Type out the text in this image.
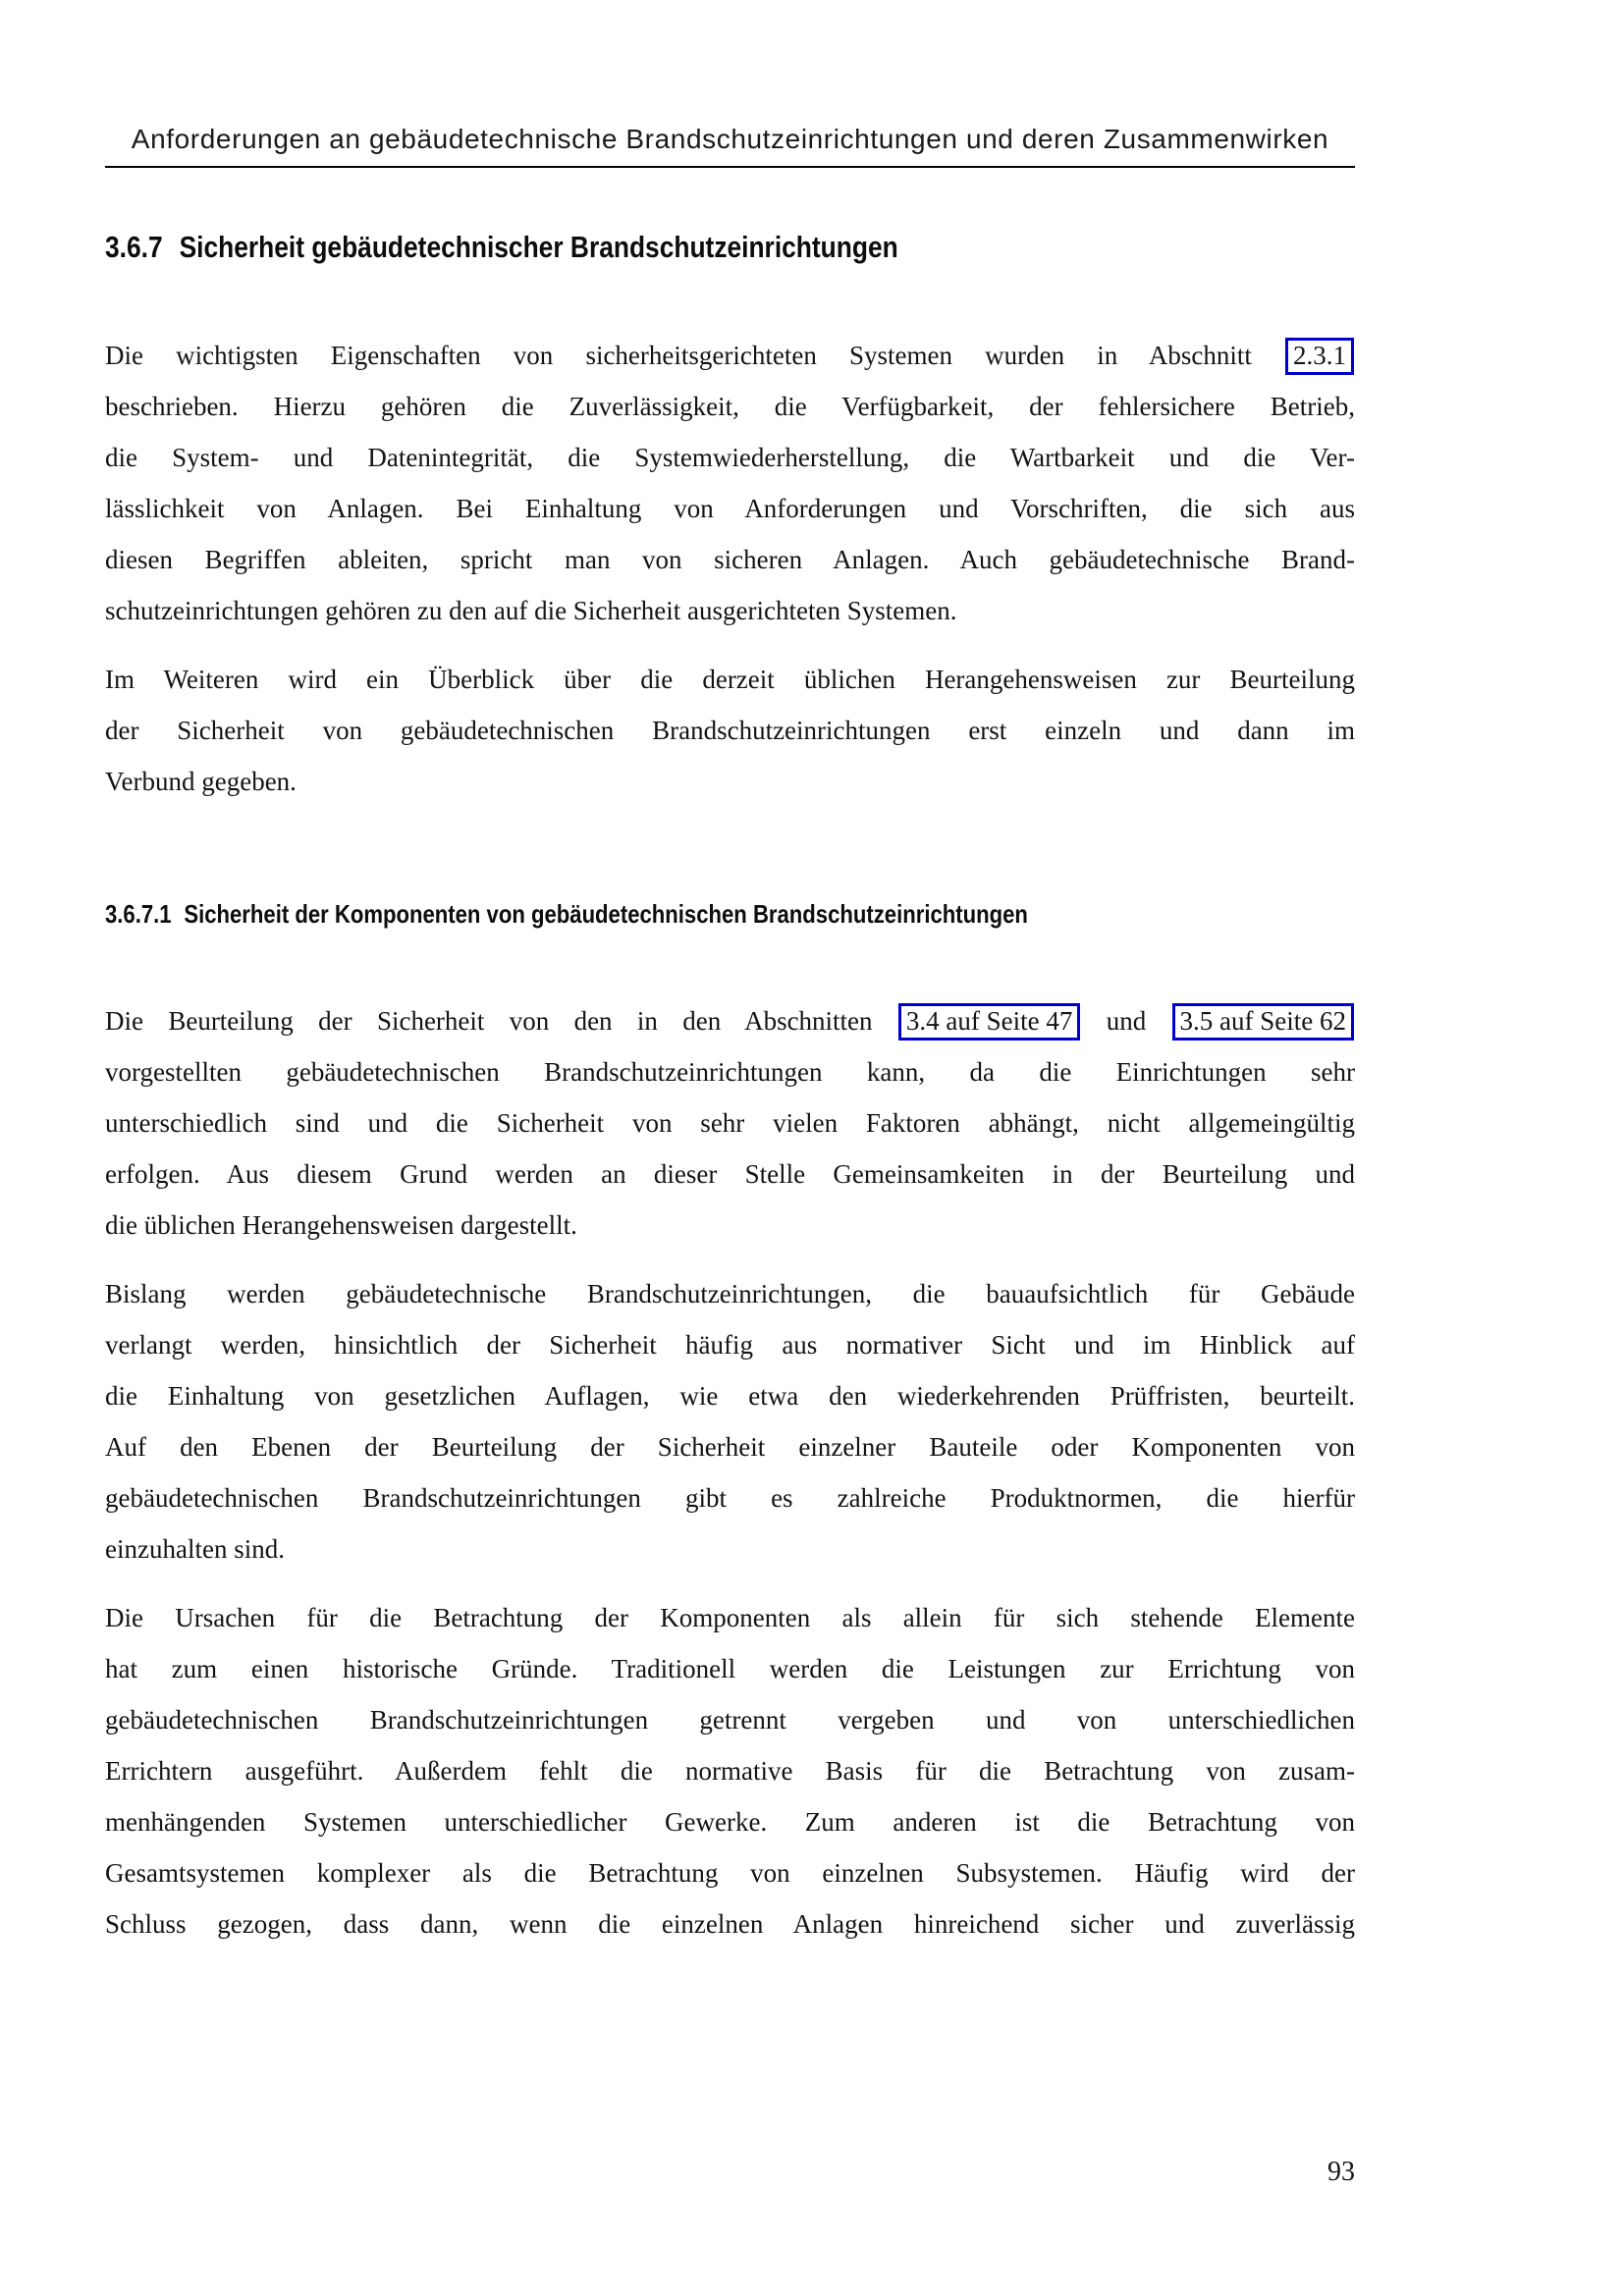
Anforderungen an gebäudetechnische Brandschutzeinrichtungen und deren Zusammenwirken
3.6.7 Sicherheit gebäudetechnischer Brandschutzeinrichtungen
Die wichtigsten Eigenschaften von sicherheitsgerichteten Systemen wurden in Abschnitt 2.3.1
beschrieben. Hierzu gehören die Zuverlässigkeit, die Verfügbarkeit, der fehlersichere Betrieb,
die System- und Datenintegrität, die Systemwiederherstellung, die Wartbarkeit und die Ver-
lässlichkeit von Anlagen. Bei Einhaltung von Anforderungen und Vorschriften, die sich aus
diesen Begriffen ableiten, spricht man von sicheren Anlagen. Auch gebäudetechnische Brand-
schutzeinrichtungen gehören zu den auf die Sicherheit ausgerichteten Systemen.
Im Weiteren wird ein Überblick über die derzeit üblichen Herangehensweisen zur Beurteilung
der Sicherheit von gebäudetechnischen Brandschutzeinrichtungen erst einzeln und dann im
Verbund gegeben.
3.6.7.1 Sicherheit der Komponenten von gebäudetechnischen Brandschutzeinrichtungen
Die Beurteilung der Sicherheit von den in den Abschnitten 3.4 auf Seite 47 und 3.5 auf Seite 62
vorgestellten gebäudetechnischen Brandschutzeinrichtungen kann, da die Einrichtungen sehr
unterschiedlich sind und die Sicherheit von sehr vielen Faktoren abhängt, nicht allgemeingültig
erfolgen. Aus diesem Grund werden an dieser Stelle Gemeinsamkeiten in der Beurteilung und
die üblichen Herangehensweisen dargestellt.
Bislang werden gebäudetechnische Brandschutzeinrichtungen, die bauaufsichtlich für Gebäude
verlangt werden, hinsichtlich der Sicherheit häufig aus normativer Sicht und im Hinblick auf
die Einhaltung von gesetzlichen Auflagen, wie etwa den wiederkehrenden Prüffristen, beurteilt.
Auf den Ebenen der Beurteilung der Sicherheit einzelner Bauteile oder Komponenten von
gebäudetechnischen Brandschutzeinrichtungen gibt es zahlreiche Produktnormen, die hierfür
einzuhalten sind.
Die Ursachen für die Betrachtung der Komponenten als allein für sich stehende Elemente
hat zum einen historische Gründe. Traditionell werden die Leistungen zur Errichtung von
gebäudetechnischen Brandschutzeinrichtungen getrennt vergeben und von unterschiedlichen
Errichtern ausgeführt. Außerdem fehlt die normative Basis für die Betrachtung von zusam-
menhängenden Systemen unterschiedlicher Gewerke. Zum anderen ist die Betrachtung von
Gesamtsystemen komplexer als die Betrachtung von einzelnen Subsystemen. Häufig wird der
Schluss gezogen, dass dann, wenn die einzelnen Anlagen hinreichend sicher und zuverlässig
93
